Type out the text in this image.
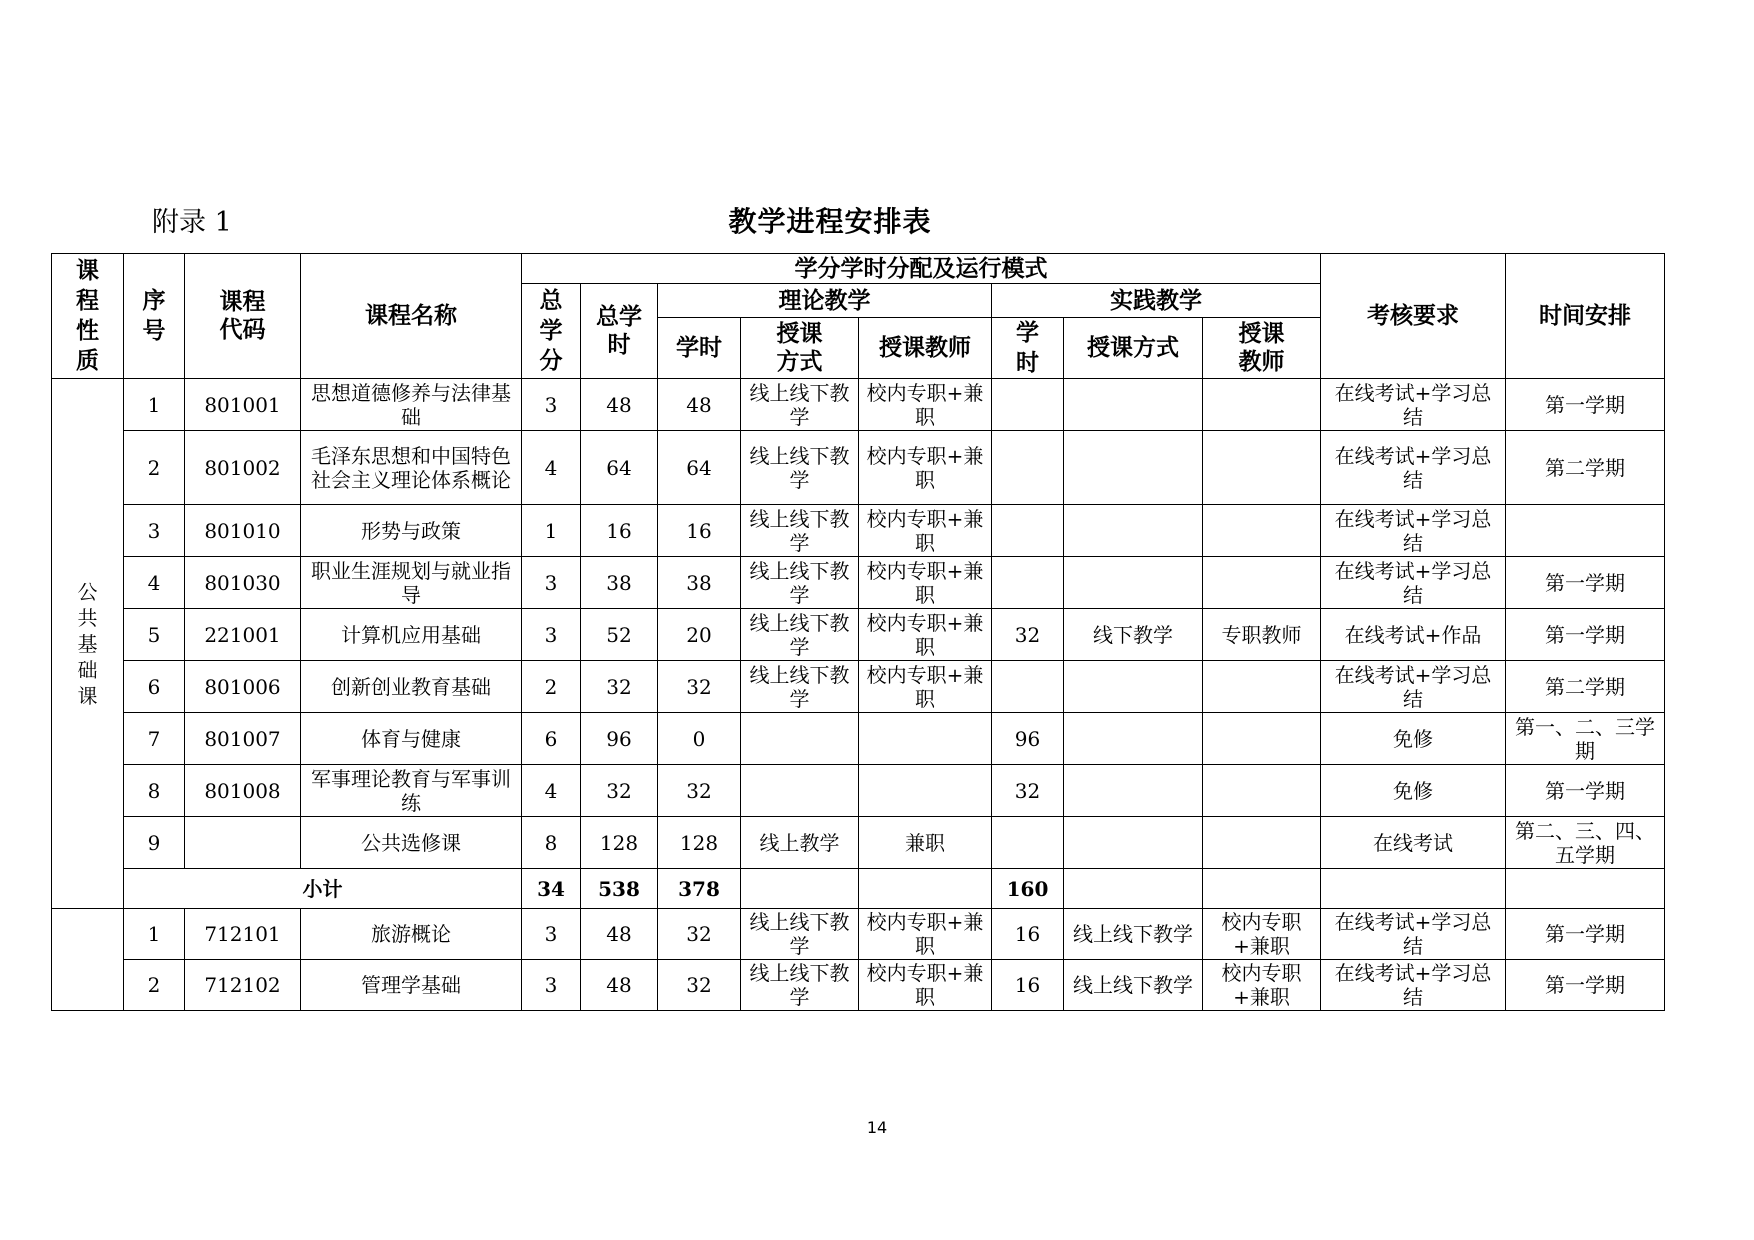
附录 1	教学进程安排表
课程性质	序号	课程代码	课程名称	学分学时分配及运行模式								考核要求	时间安排

				总学分	总学时	理论教学			实践教学				
						学时	授课方式	授课教师	学时	授课方式	授课教师		

公共基础课	1	801001	思想道德修养与法律基础	3	48	48	线上线下教学	校内专职+兼职				在线考试+学习总结	第一学期
	2	801002	毛泽东思想和中国特色社会主义理论体系概论	4	64	64	线上线下教学	校内专职+兼职				在线考试+学习总结	第二学期
	3	801010	形势与政策	1	16	16	线上线下教学	校内专职+兼职				在线考试+学习总结	
	4	801030	职业生涯规划与就业指导	3	38	38	线上线下教学	校内专职+兼职				在线考试+学习总结	第一学期
	5	221001	计算机应用基础	3	52	20	线上线下教学	校内专职+兼职	32	线下教学	专职教师	在线考试+作品	第一学期
	6	801006	创新创业教育基础	2	32	32	线上线下教学	校内专职+兼职				在线考试+学习总结	第二学期
	7	801007	体育与健康	6	96	0			96			免修	第一、二、三学期
	8	801008	军事理论教育与军事训练	4	32	32			32			免修	第一学期
	9		公共选修课	8	128	128	线上教学	兼职				在线考试	第二、三、四、五学期
	小计			34	538	378			160				

	1	712101	旅游概论	3	48	32	线上线下教学	校内专职+兼职	16	线上线下教学	校内专职+兼职	在线考试+学习总结	第一学期
	2	712102	管理学基础	3	48	32	线上线下教学	校内专职+兼职	16	线上线下教学	校内专职+兼职	在线考试+学习总结	第一学期
14
